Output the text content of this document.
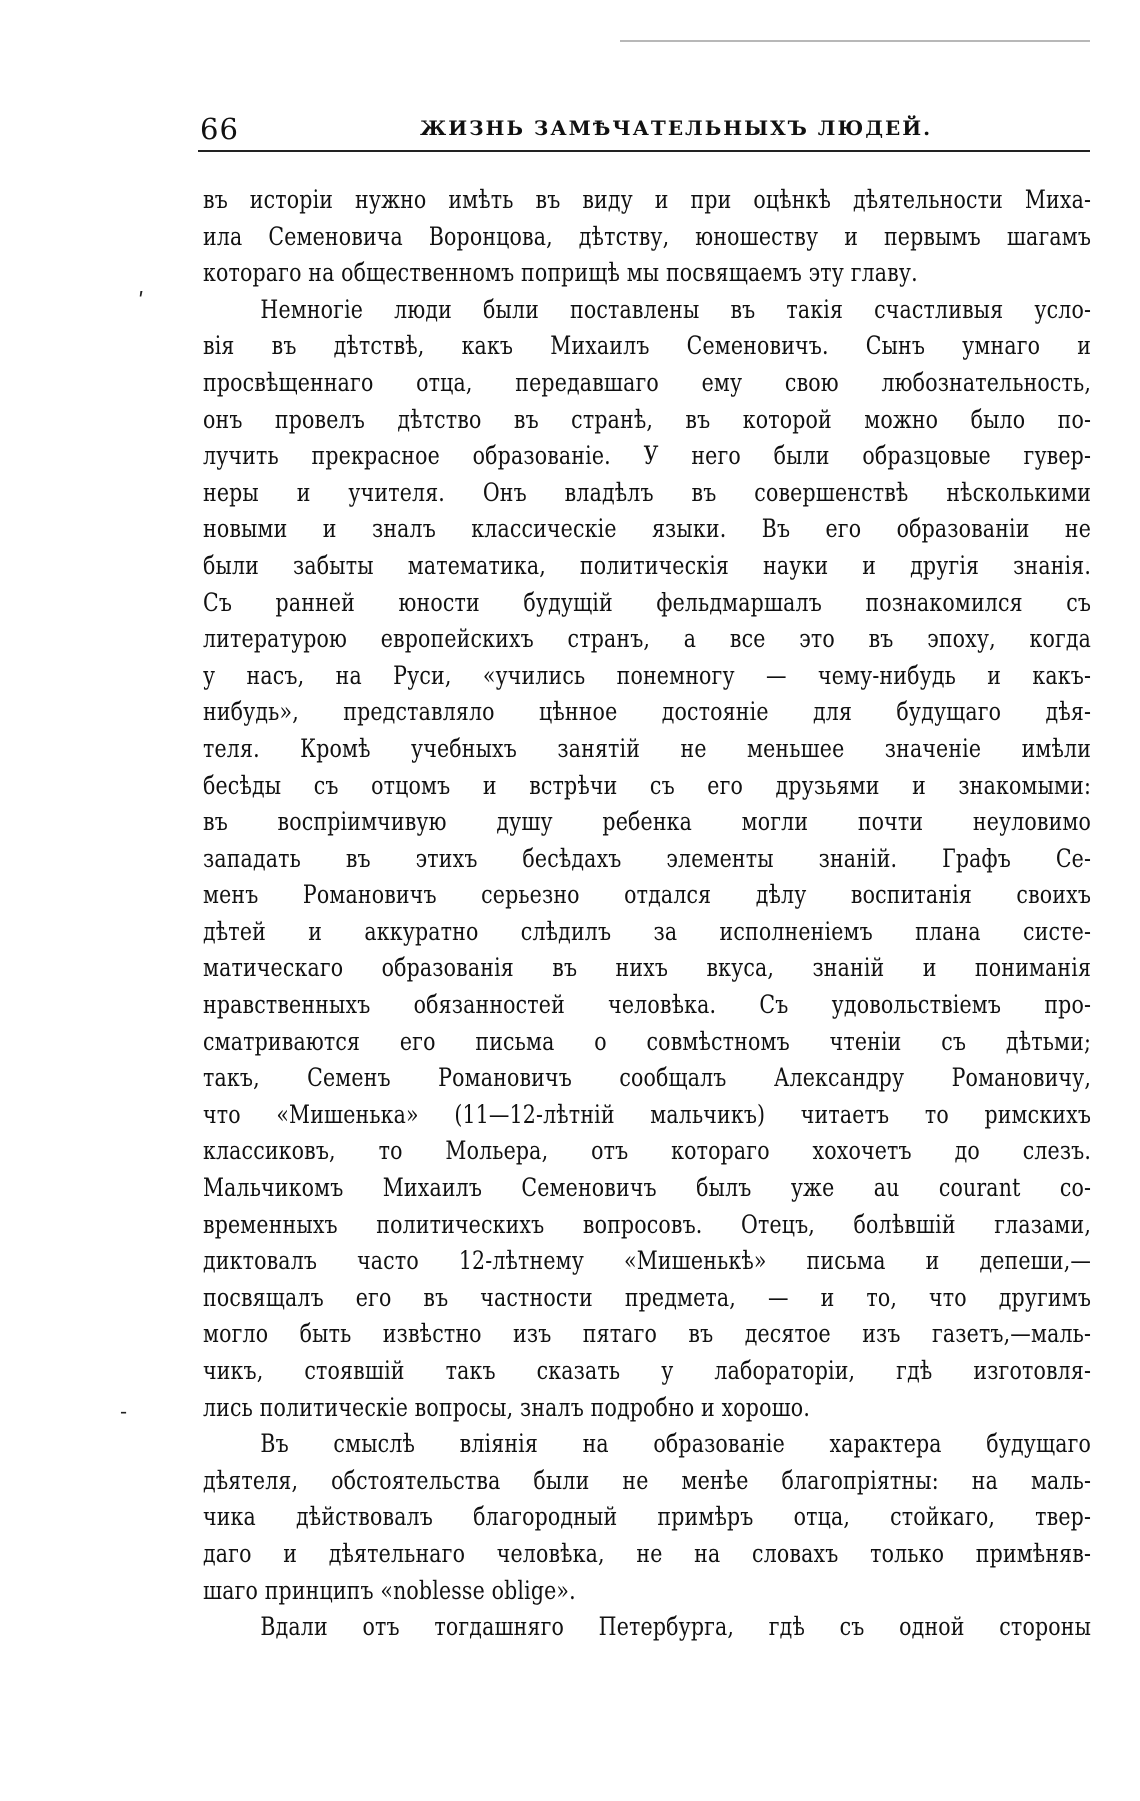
66	ЖИЗНЬ ЗАМѢЧАТЕЛЬНЫХЪ ЛЮДЕЙ.
ʹ
˗
въ исторіи нужно имѣть въ виду и при оцѣнкѣ дѣятельности Миха-
ила Семеновича Воронцова, дѣтству, юношеству и первымъ шагамъ
котораго на общественномъ поприщѣ мы посвящаемъ эту главу.
Немногіе люди были поставлены въ такія счастливыя усло-
вія въ дѣтствѣ, какъ Михаилъ Семеновичъ. Сынъ умнаго и
просвѣщеннаго отца, передавшаго ему свою любознательность,
онъ провелъ дѣтство въ странѣ, въ которой можно было по-
лучить прекрасное образованіе. У него были образцовые гувер-
неры и учителя. Онъ владѣлъ въ совершенствѣ нѣсколькими
новыми и зналъ классическіе языки. Въ его образованіи не
были забыты математика, политическія науки и другія знанія.
Съ ранней юности будущій фельдмаршалъ познакомился съ
литературою европейскихъ странъ, а все это въ эпоху, когда
у насъ, на Руси, «учились понемногу — чему-нибудь и какъ-
нибудь», представляло цѣнное достояніе для будущаго дѣя-
теля. Кромѣ учебныхъ занятій не меньшее значеніе имѣли
бесѣды съ отцомъ и встрѣчи съ его друзьями и знакомыми:
въ воспріимчивую душу ребенка могли почти неуловимо
западать въ этихъ бесѣдахъ элементы знаній. Графъ Се-
менъ Романовичъ серьезно отдался дѣлу воспитанія своихъ
дѣтей и аккуратно слѣдилъ за исполненіемъ плана систе-
матическаго образованія въ нихъ вкуса, знаній и пониманія
нравственныхъ обязанностей человѣка. Съ удовольствіемъ про-
сматриваются его письма о совмѣстномъ чтеніи съ дѣтьми;
такъ, Семенъ Романовичъ сообщалъ Александру Романовичу,
что «Мишенька» (11—12-лѣтній мальчикъ) читаетъ то римскихъ
классиковъ, то Мольера, отъ котораго хохочетъ до слезъ.
Мальчикомъ Михаилъ Семеновичъ былъ уже au courant со-
временныхъ политическихъ вопросовъ. Отецъ, болѣвшій глазами,
диктовалъ часто 12-лѣтнему «Мишенькѣ» письма и депеши,—
посвящалъ его въ частности предмета, — и то, что другимъ
могло быть извѣстно изъ пятаго въ десятое изъ газетъ,—маль-
чикъ, стоявшій такъ сказать у лабораторіи, гдѣ изготовля-
лись политическіе вопросы, зналъ подробно и хорошо.
Въ смыслѣ вліянія на образованіе характера будущаго
дѣятеля, обстоятельства были не менѣе благопріятны: на маль-
чика дѣйствовалъ благородный примѣръ отца, стойкаго, твер-
даго и дѣятельнаго человѣка, не на словахъ только примѣняв-
шаго принципъ «noblesse oblige».
Вдали отъ тогдашняго Петербурга, гдѣ съ одной стороны
